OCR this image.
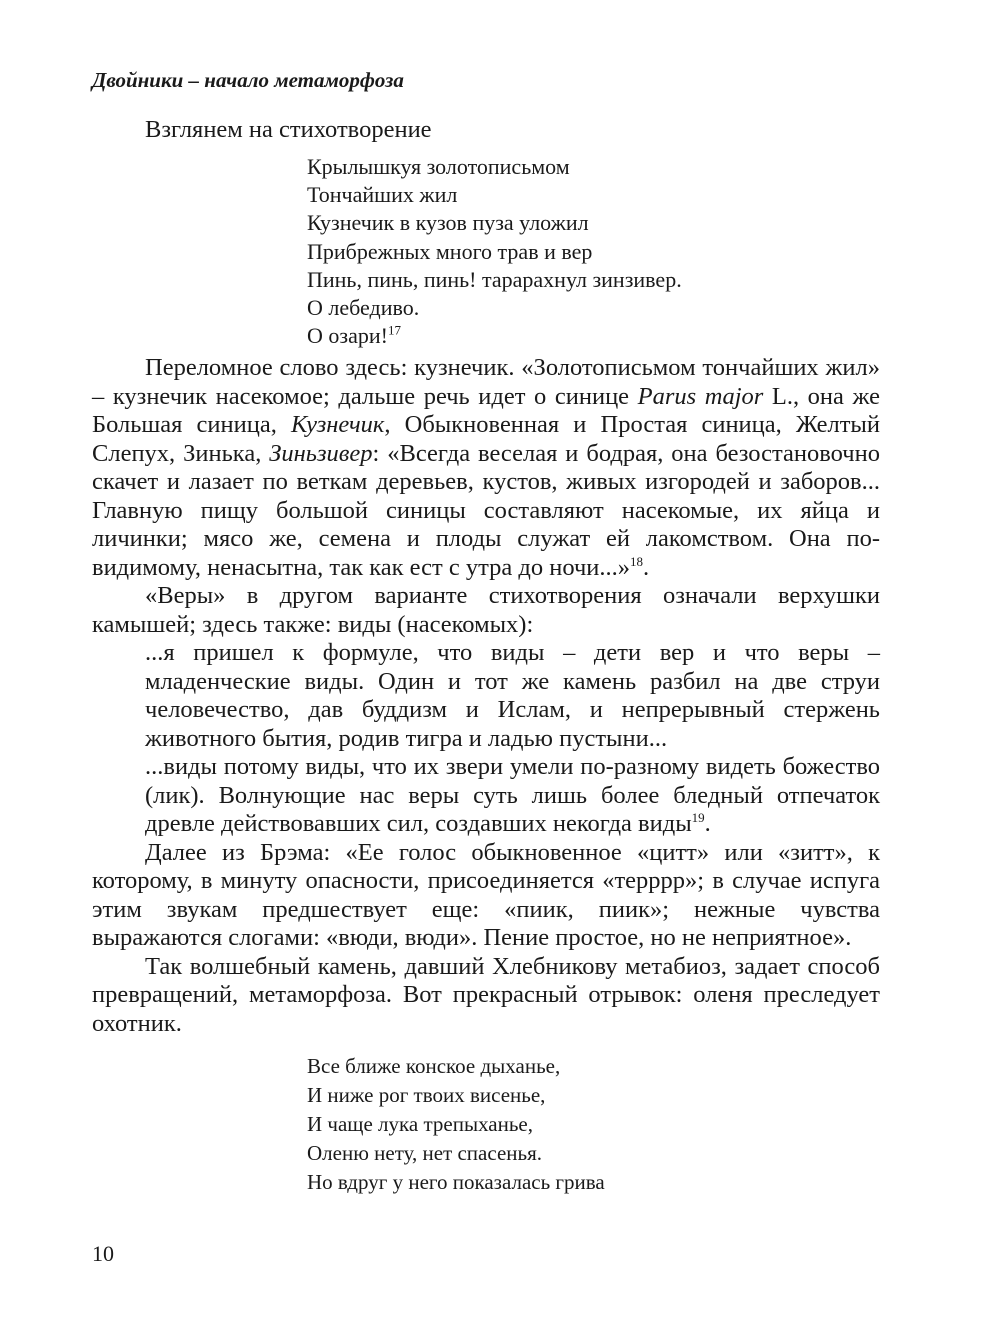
Двойники – начало метаморфоза
Взглянем на стихотворение
Крылышкуя золотописьмом
Тончайших жил
Кузнечик в кузов пуза уложил
Прибрежных много трав и вер
Пинь, пинь, пинь! тарарахнул зинзивер.
О лебедиво.
О озари!$^{17}$

Переломное слово здесь: кузнечик. «Золотописьмом тончайших жил» – кузнечик насекомое; дальше речь идет о синице Parus major L., она же Большая синица, Кузнечик, Обыкновенная и Простая синица, Желтый Слепух, Зинька, Зиньзивер: «Всегда веселая и бодрая, она безостановочно скачет и лазает по веткам деревьев, кустов, живых изгородей и заборов... Главную пищу большой синицы составляют насекомые, их яйца и личинки; мясо же, семена и плоды служат ей лакомством. Она по-видимому, ненасытна, так как ест с утра до ночи...»$^{18}$.

«Веры» в другом варианте стихотворения означали верхушки камышей; здесь также: виды (насекомых):

...я пришел к формуле, что виды – дети вер и что веры – младенческие виды. Один и тот же камень разбил на две струи человечество, дав буддизм и Ислам, и непрерывный стержень животного бытия, родив тигра и ладью пустыни...

...виды потому виды, что их звери умели по-разному видеть божество (лик). Волнующие нас веры суть лишь более бледный отпечаток древле действовавших сил, создавших некогда виды$^{19}$.

Далее из Брэма: «Ее голос обыкновенное «цитт» или «зитт», к которому, в минуту опасности, присоединяется «терррр»; в случае испуга этим звукам предшествует еще: «пиик, пиик»; нежные чувства выражаются слогами: «вюди, вюди». Пение простое, но не неприятное».

Так волшебный камень, давший Хлебникову метабиоз, задает способ превращений, метаморфоза. Вот прекрасный отрывок: оленя преследует охотник.

Все ближе конское дыханье,
И ниже рог твоих висенье,
И чаще лука трепыханье,
Оленю нету, нет спасенья.
Но вдруг у него показалась грива
10
